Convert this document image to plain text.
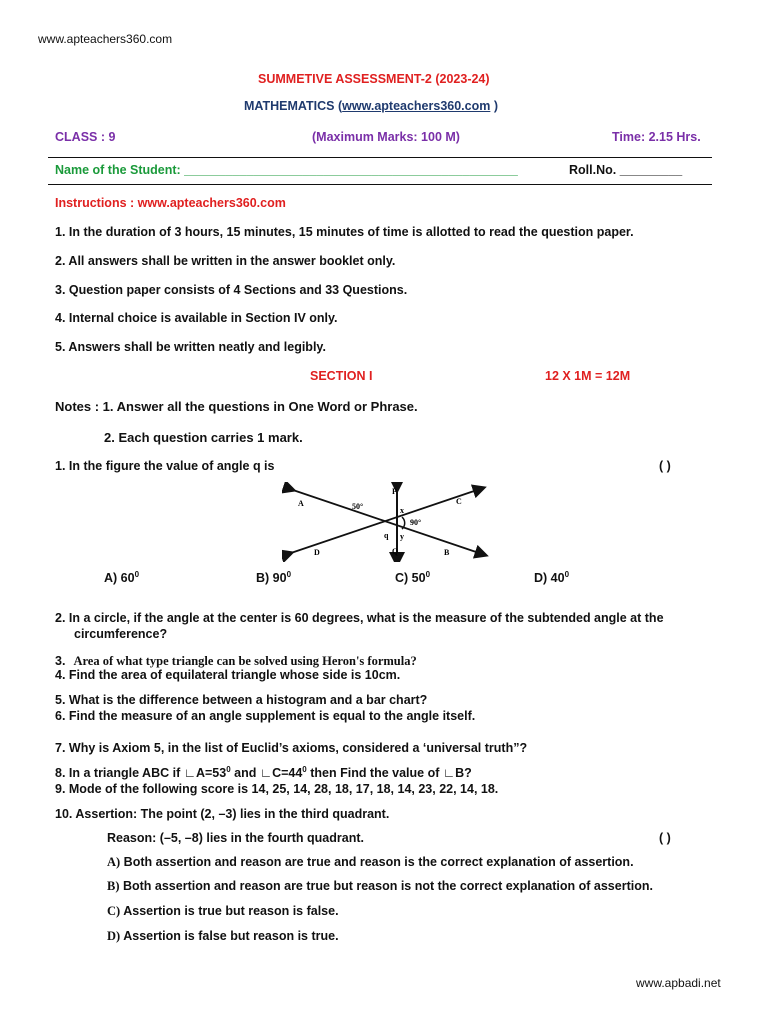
www.apteachers360.com
SUMMETIVE ASSESSMENT-2 (2023-24)
MATHEMATICS (www.apteachers360.com )
CLASS : 9	(Maximum Marks: 100 M)	Time: 2.15 Hrs.
Name of the Student: ________________________________________________	Roll.No. _________
Instructions : www.apteachers360.com
1. In the duration of 3 hours, 15 minutes, 15 minutes of time is allotted to read the question paper.
2. All answers shall be written in the answer booklet only.
3. Question paper consists of 4 Sections and 33 Questions.
4. Internal choice is available in Section IV only.
5. Answers shall be written neatly and legibly.
SECTION I	12 X 1M = 12M
Notes : 1. Answer all the questions in One Word or Phrase.
2. Each question carries 1 mark.
1. In the figure the value of angle q is	( )
P
Q
A	C
D	B
50°
90°
x
y
q
A) $60^0$	B) $90^0$	C) $50^0$	D) $40^0$
2. In a circle, if the angle at the center is 60 degrees, what is the measure of the subtended angle at the
circumference?
3. Area of what type triangle can be solved using Heron's formula?
4. Find the area of equilateral triangle whose side is 10cm.
5. What is the difference between a histogram and a bar chart?
6. Find the measure of an angle supplement is equal to the angle itself.
7. Why is Axiom 5, in the list of Euclid’s axioms, considered a ‘universal truth”?
8. In a triangle ABC if $∟A=53^0$ and $∟C=44^0$ then Find the value of ∟B?
9. Mode of the following score is 14, 25, 14, 28, 18, 17, 18, 14, 23, 22, 14, 18.
10. Assertion: The point (2, –3) lies in the third quadrant.
Reason: (–5, –8) lies in the fourth quadrant.	( )
A) Both assertion and reason are true and reason is the correct explanation of assertion.
B) Both assertion and reason are true but reason is not the correct explanation of assertion.
C) Assertion is true but reason is false.
D) Assertion is false but reason is true.
www.apbadi.net
